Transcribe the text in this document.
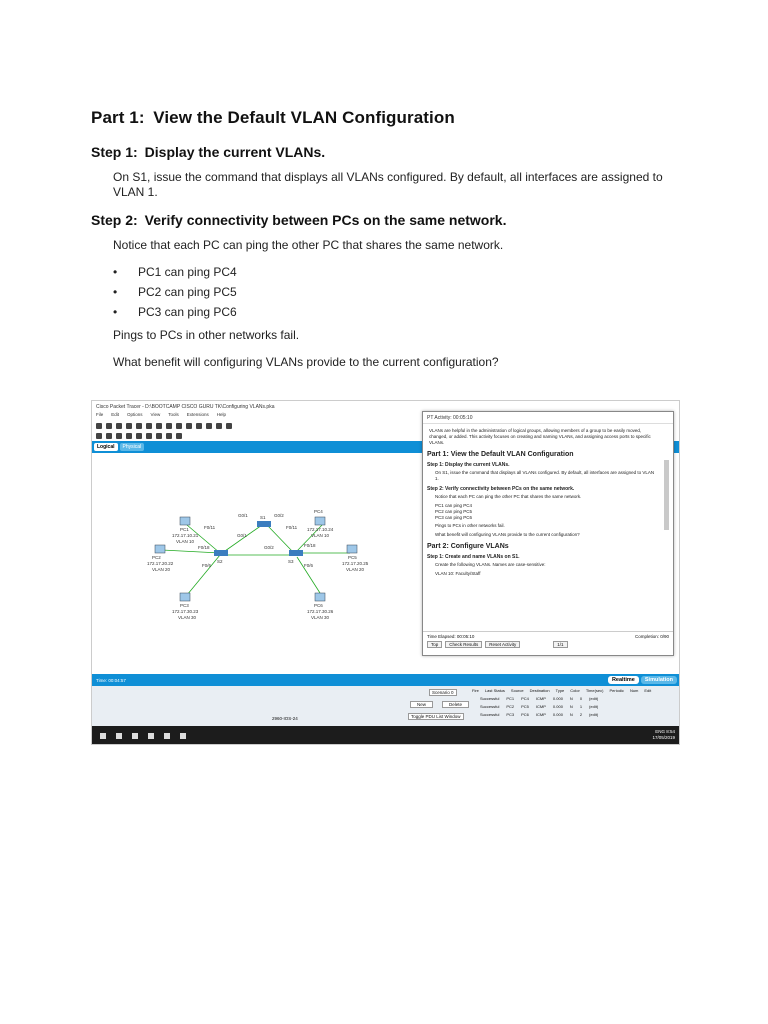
Part 1: View the Default VLAN Configuration
Step 1: Display the current VLANs.
On S1, issue the command that displays all VLANs configured. By default, all interfaces are assigned to VLAN 1.
Step 2: Verify connectivity between PCs on the same network.
Notice that each PC can ping the other PC that shares the same network.
•	PC1 can ping PC4
•	PC2 can ping PC5
•	PC3 can ping PC6
Pings to PCs in other networks fail.
What benefit will configuring VLANs provide to the current configuration?
Cisco Packet Tracer - D:\BOOTCAMP CISCO GURU TK\Configuring VLANs.pka
File Edit Options View Tools Extensions Help
Logical	Physical
PC1
172.17.10.21
VLAN 10
PC2
172.17.20.22
VLAN 20
PC3
172.17.30.23
VLAN 30
PC4
172.17.10.24
VLAN 10
PC5
172.17.20.25
VLAN 20
PC6
172.17.30.26
VLAN 30
S2
S1
S3
G0/1	G0/2
G0/1
G0/2
F0/11
F0/18
F0/6
F0/11
F0/18
F0/6
PT Activity: 00:05:10
VLANs are helpful in the administration of logical groups, allowing members of a group to be easily moved, changed, or added. This activity focuses on creating and naming VLANs, and assigning access ports to specific VLANs.
Part 1: View the Default VLAN Configuration
Step 1: Display the current VLANs.
On S1, issue the command that displays all VLANs configured. By default, all interfaces are assigned to VLAN 1.
Step 2: Verify connectivity between PCs on the same network.
Notice that each PC can ping the other PC that shares the same network.
PC1 can ping PC4
PC2 can ping PC5
PC3 can ping PC6
Pings to PCs in other networks fail.
What benefit will configuring VLANs provide to the current configuration?
Part 2: Configure VLANs
Step 1: Create and name VLANs on S1.
Create the following VLANs. Names are case-sensitive:
VLAN 10: Faculty/Staff
Time Elapsed: 00:05:10	Completion: 0/90
Top	Check Results	Reset Activity	1/1
Time: 00:04:57	Realtime	Simulation
2960-IOS-24
Scenario 0
New	Delete
Toggle PDU List Window
Fire Last Status Source Destination Type Color Time(sec) Periodic Num Edit
Successful PC1 PC4 ICMP 0.000 N 0 (edit)
Successful PC2 PC5 ICMP 0.000 N 1 (edit)
Successful PC3 PC6 ICMP 0.000 N 2 (edit)
ENG 8:54
17/05/2019
